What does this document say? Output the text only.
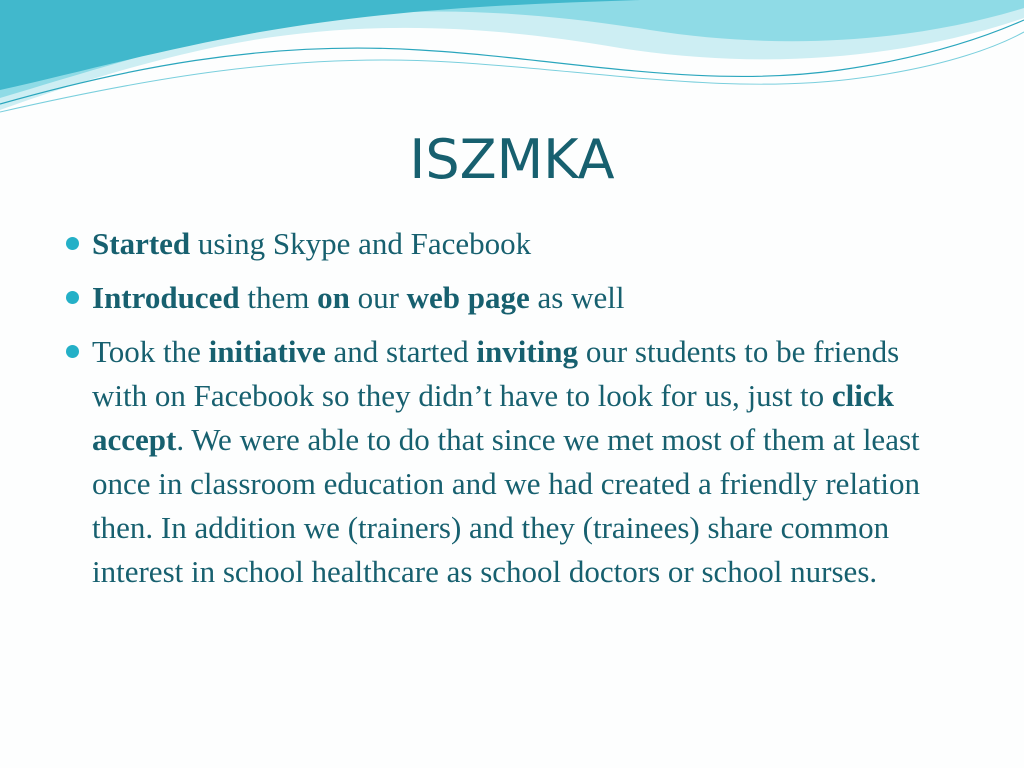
ISZMKA
Started using Skype and Facebook
Introduced them on our web page as well
Took the initiative and started inviting our students to be friends with on Facebook so they didn’t have to look for us, just to click accept. We were able to do that since we met most of them at least once in classroom education and we had created a friendly relation then. In addition we (trainers) and they (trainees) share common interest in school healthcare as school doctors or school nurses.
